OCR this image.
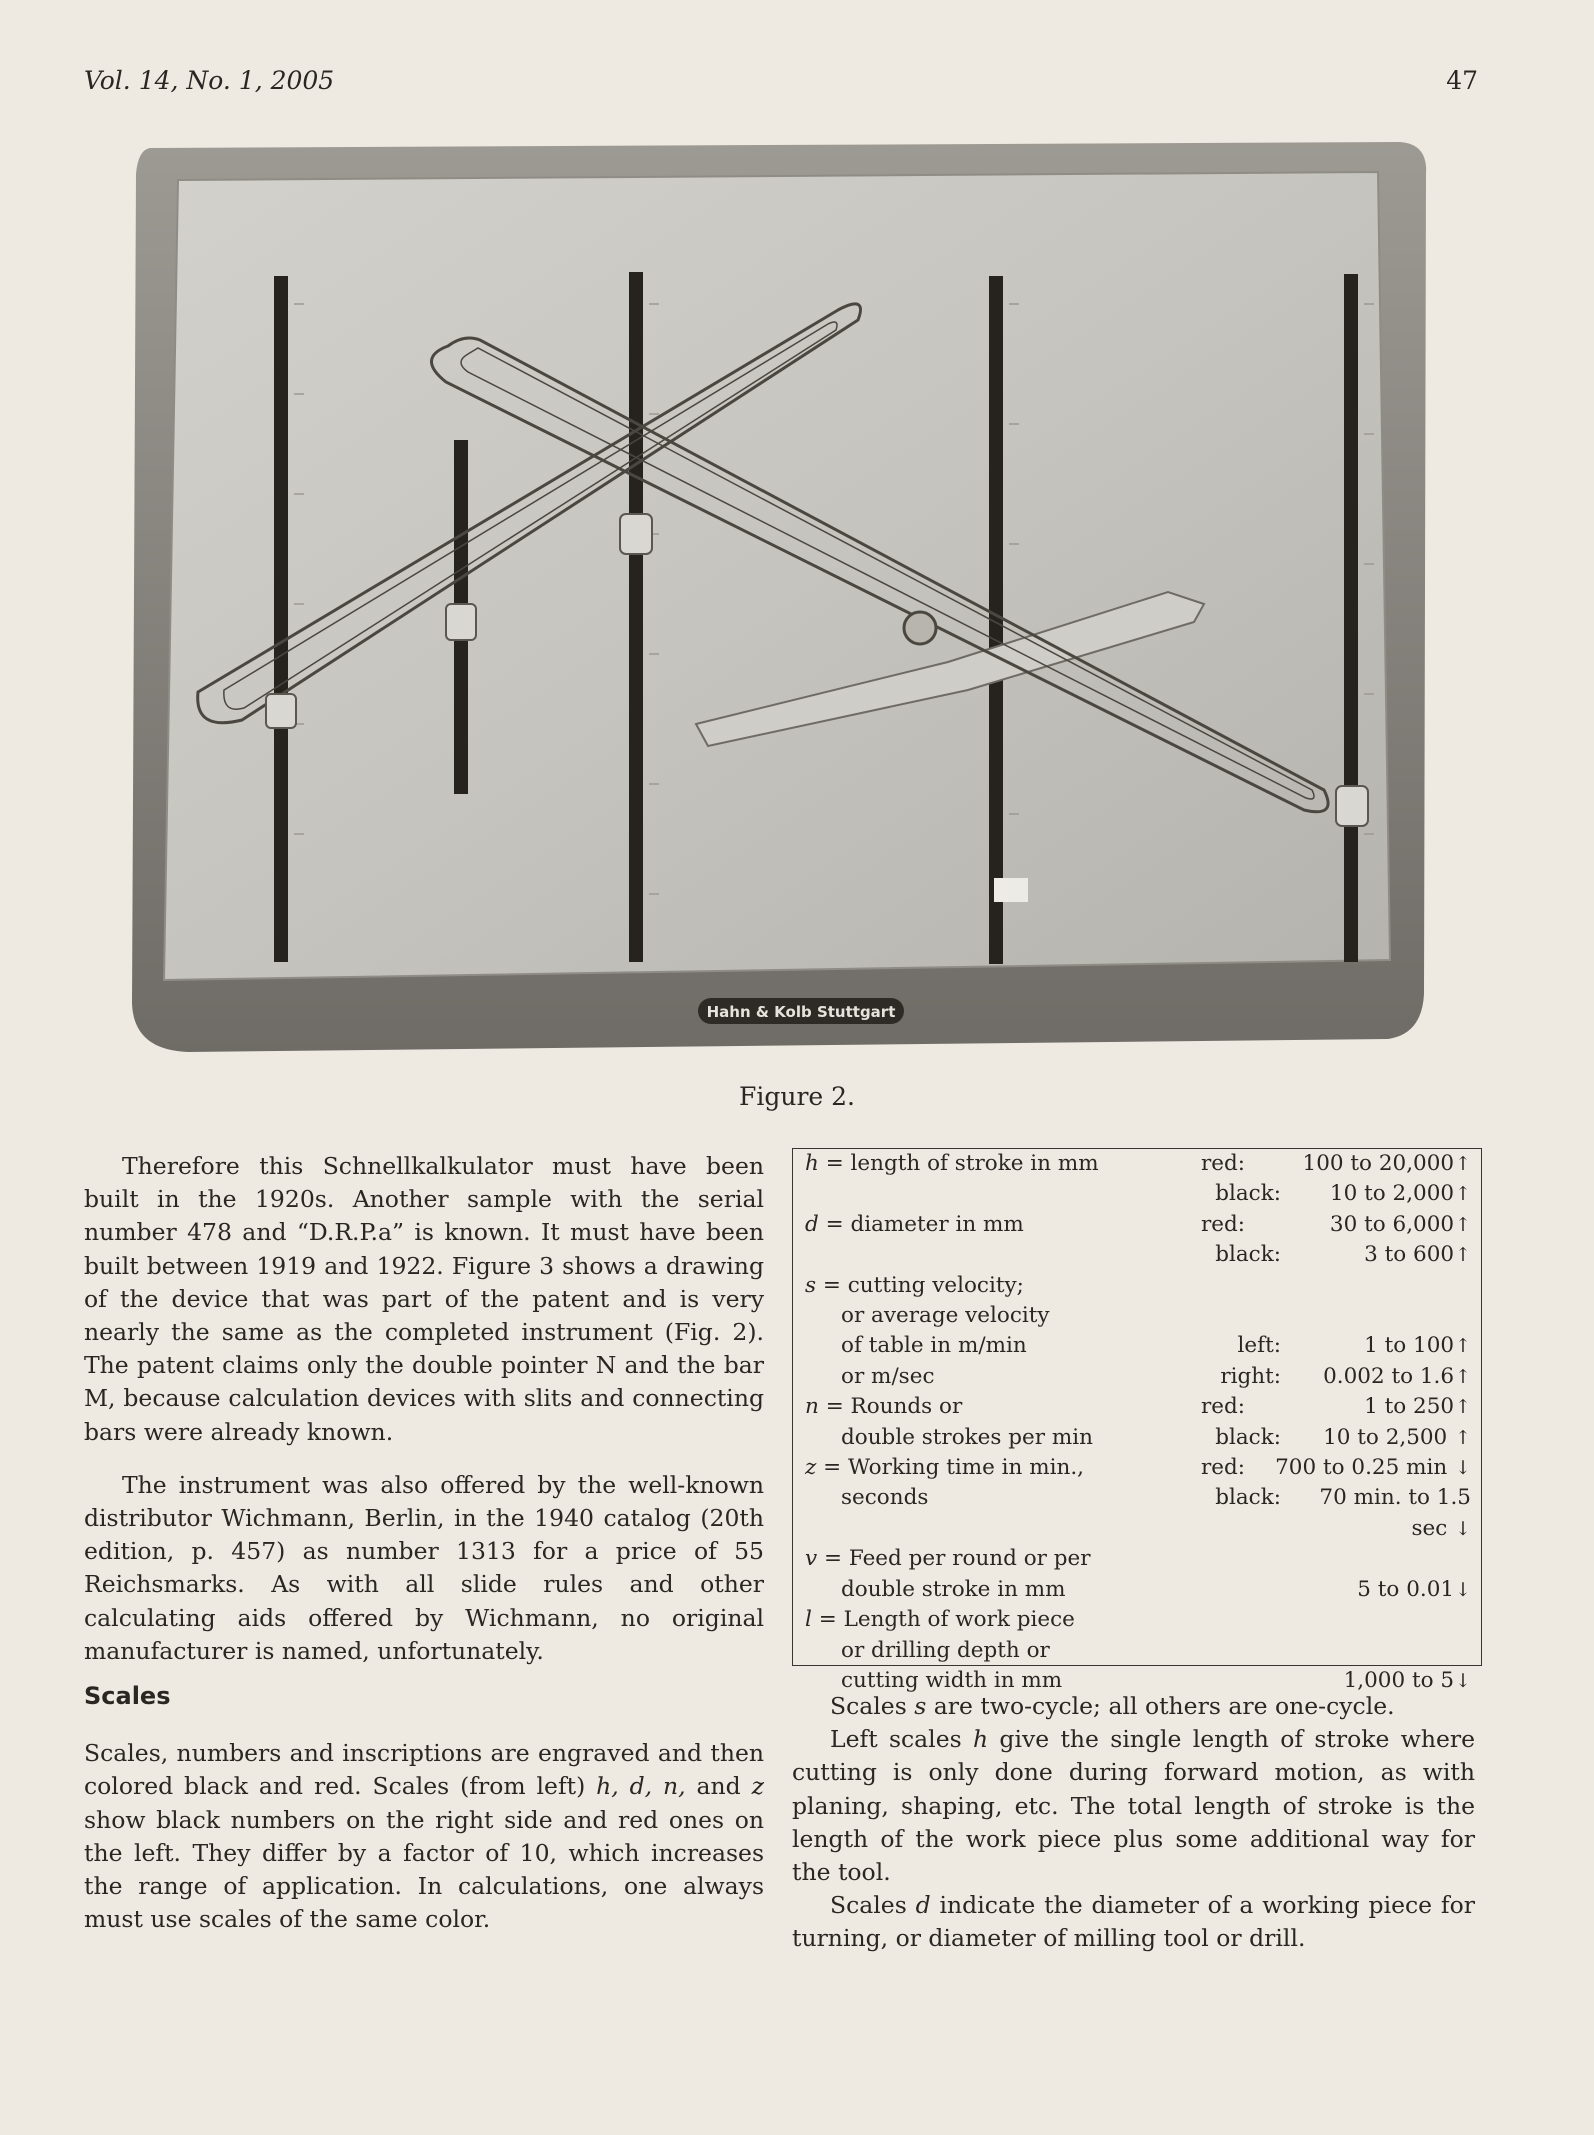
Vol. 14, No. 1, 2005	47
Hahn & Kolb Stuttgart
Figure 2.

Therefore this Schnellkalkulator must have been built in the 1920s. Another sample with the serial number 478 and “D.R.P.a” is known. It must have been built between 1919 and 1922. Figure 3 shows a drawing of the device that was part of the patent and is very nearly the same as the completed instrument (Fig. 2). The patent claims only the double pointer N and the bar M, because calculation devices with slits and connecting bars were already known.

The instrument was also offered by the well-known distributor Wichmann, Berlin, in the 1940 catalog (20th edition, p. 457) as number 1313 for a price of 55 Reichsmarks. As with all slide rules and other calculating aids offered by Wichmann, no original manufacturer is named, unfortunately.

Scales

Scales, numbers and inscriptions are engraved and then colored black and red. Scales (from left) h, d, n, and z show black numbers on the right side and red ones on the left. They differ by a factor of 10, which increases the range of application. In calculations, one always must use scales of the same color.

h = length of stroke in mm	red:	100 to 20,000↑
black:	10 to 2,000↑
d = diameter in mm	red:	30 to 6,000↑
black:	3 to 600↑
s = cutting velocity;
or average velocity
of table in m/min	left:	1 to 100↑
or m/sec	right:	0.002 to 1.6↑
n = Rounds or	red:	1 to 250↑
double strokes per min	black:	10 to 2,500 ↑
z = Working time in min.,	red:	700 to 0.25 min ↓
seconds	black:	70 min. to 1.5 sec ↓
v = Feed per round or per
double stroke in mm	5 to 0.01↓
l = Length of work piece
or drilling depth or
cutting width in mm	1,000 to 5↓

Scales s are two-cycle; all others are one-cycle.

Left scales h give the single length of stroke where cutting is only done during forward motion, as with planing, shaping, etc. The total length of stroke is the length of the work piece plus some additional way for the tool.

Scales d indicate the diameter of a working piece for turning, or diameter of milling tool or drill.
